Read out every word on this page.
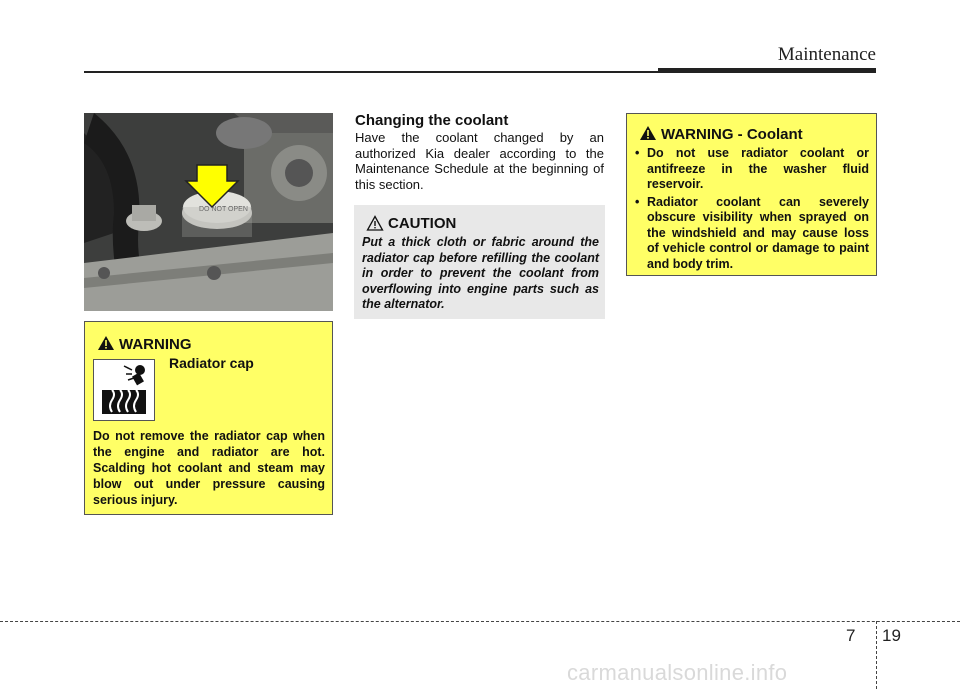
Maintenance
DO NOT OPEN
OTF070007
WARNING
Radiator cap
Do not remove the radiator cap when the engine and radiator are hot. Scalding hot coolant and steam may blow out under pressure causing serious injury.
Changing the coolant
Have the coolant changed by an authorized Kia dealer according to the Maintenance Schedule at the beginning of this section.
CAUTION
Put a thick cloth or fabric around the radiator cap before refilling the coolant in order to prevent the coolant from overflowing into engine parts such as the alternator.
WARNING - Coolant
• Do not use radiator coolant or antifreeze in the washer fluid reservoir.
• Radiator coolant can severely obscure visibility when sprayed on the windshield and may cause loss of vehicle control or damage to paint and body trim.
7 19
carmanualsonline.info
